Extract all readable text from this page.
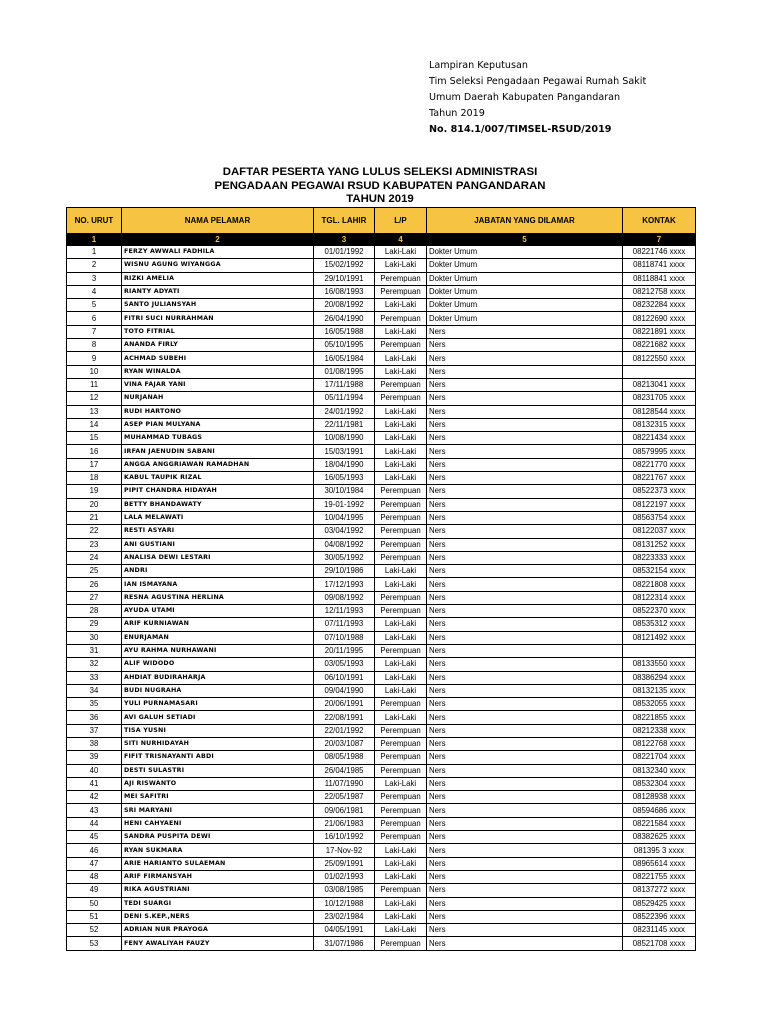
Lampiran Keputusan
Tim Seleksi Pengadaan Pegawai Rumah Sakit
Umum Daerah Kabupaten Pangandaran
Tahun 2019
No. 814.1/007/TIMSEL-RSUD/2019
DAFTAR PESERTA YANG LULUS SELEKSI ADMINISTRASI
PENGADAAN PEGAWAI RSUD KABUPATEN PANGANDARAN
TAHUN 2019
NO. URUT	NAMA PELAMAR	TGL. LAHIR	L/P	JABATAN YANG DILAMAR	KONTAK
1	2	3	4	5	7
1	FERZY AWWALI FADHILA	01/01/1992	Laki-Laki	Dokter Umum	08221746 xxxx
2	WISNU AGUNG WIYANGGA	15/02/1992	Laki-Laki	Dokter Umum	08118741 xxxx
3	RIZKI AMELIA	29/10/1991	Perempuan	Dokter Umum	08118841 xxxx
4	RIANTY ADYATI	16/08/1993	Perempuan	Dokter Umum	08212758 xxxx
5	SANTO JULIANSYAH	20/08/1992	Laki-Laki	Dokter Umum	08232284 xxxx
6	FITRI SUCI NURRAHMAN	26/04/1990	Perempuan	Dokter Umum	08122690 xxxx
7	TOTO FITRIAL	16/05/1988	Laki-Laki	Ners	08221891 xxxx
8	ANANDA FIRLY	05/10/1995	Perempuan	Ners	08221682 xxxx
9	ACHMAD SUBEHI	16/05/1984	Laki-Laki	Ners	08122550 xxxx
10	RYAN WINALDA	01/08/1995	Laki-Laki	Ners	
11	VINA FAJAR YANI	17/11/1988	Perempuan	Ners	08213041 xxxx
12	NURJANAH	05/11/1994	Perempuan	Ners	08231705 xxxx
13	RUDI HARTONO	24/01/1992	Laki-Laki	Ners	08128544 xxxx
14	ASEP PIAN MULYANA	22/11/1981	Laki-Laki	Ners	08132315 xxxx
15	MUHAMMAD TUBAGS	10/08/1990	Laki-Laki	Ners	08221434 xxxx
16	IRFAN JAENUDIN SABANI	15/03/1991	Laki-Laki	Ners	08579995 xxxx
17	ANGGA ANGGRIAWAN RAMADHAN	18/04/1990	Laki-Laki	Ners	08221770 xxxx
18	KABUL TAUPIK RIZAL	16/05/1993	Laki-Laki	Ners	08221767 xxxx
19	PIPIT CHANDRA HIDAYAH	30/10/1984	Perempuan	Ners	08522373 xxxx
20	BETTY BHANDAWATY	19-01-1992	Perempuan	Ners	08122197 xxxx
21	LALA MELAWATI	10/04/1995	Perempuan	Ners	08563754 xxxx
22	RESTI ASYARI	03/04/1992	Perempuan	Ners	08122037 xxxx
23	ANI GUSTIANI	04/08/1992	Perempuan	Ners	08131252 xxxx
24	ANALISA DEWI LESTARI	30/05/1992	Perempuan	Ners	08223333 xxxx
25	ANDRI	29/10/1986	Laki-Laki	Ners	08532154 xxxx
26	IAN ISMAYANA	17/12/1993	Laki-Laki	Ners	08221808 xxxx
27	RESNA AGUSTINA HERLINA	09/08/1992	Perempuan	Ners	08122314 xxxx
28	AYUDA UTAMI	12/11/1993	Perempuan	Ners	08522370 xxxx
29	ARIF KURNIAWAN	07/11/1993	Laki-Laki	Ners	08535312 xxxx
30	ENURJAMAN	07/10/1988	Laki-Laki	Ners	08121492 xxxx
31	AYU RAHMA NURHAWANI	20/11/1995	Perempuan	Ners	
32	ALIF WIDODO	03/05/1993	Laki-Laki	Ners	08133550 xxxx
33	AHDIAT BUDIRAHARJA	06/10/1991	Laki-Laki	Ners	08386294 xxxx
34	BUDI NUGRAHA	09/04/1990	Laki-Laki	Ners	08132135 xxxx
35	YULI PURNAMASARI	20/06/1991	Perempuan	Ners	08532055 xxxx
36	AVI GALUH SETIADI	22/08/1991	Laki-Laki	Ners	08221855 xxxx
37	TISA YUSNI	22/01/1992	Perempuan	Ners	08212338 xxxx
38	SITI NURHIDAYAH	20/03/1087	Perempuan	Ners	08122768 xxxx
39	FIFIT TRISNAYANTI ABDI	08/05/1988	Perempuan	Ners	08221704 xxxx
40	DESTI SULASTRI	26/04/1985	Perempuan	Ners	08132340 xxxx
41	AJI RISWANTO	11/07/1990	Laki-Laki	Ners	08532304 xxxx
42	MEI SAFITRI	22/05/1987	Perempuan	Ners	08128938 xxxx
43	SRI MARYANI	09/06/1981	Perempuan	Ners	08594686 xxxx
44	HENI CAHYAENI	21/06/1983	Perempuan	Ners	08221584 xxxx
45	SANDRA PUSPITA DEWI	16/10/1992	Perempuan	Ners	08382625 xxxx
46	RYAN SUKMARA	17-Nov-92	Laki-Laki	Ners	081395 3 xxxx
47	ARIE HARIANTO SULAEMAN	25/09/1991	Laki-Laki	Ners	08965614 xxxx
48	ARIF FIRMANSYAH	01/02/1993	Laki-Laki	Ners	08221755 xxxx
49	RIKA AGUSTRIANI	03/08/1985	Perempuan	Ners	08137272 xxxx
50	TEDI SUARGI	10/12/1988	Laki-Laki	Ners	08529425 xxxx
51	DENI S.KEP.,NERS	23/02/1984	Laki-Laki	Ners	08522396 xxxx
52	ADRIAN NUR PRAYOGA	04/05/1991	Laki-Laki	Ners	08231145 xxxx
53	FENY AWALIYAH FAUZY	31/07/1986	Perempuan	Ners	08521708 xxxx
